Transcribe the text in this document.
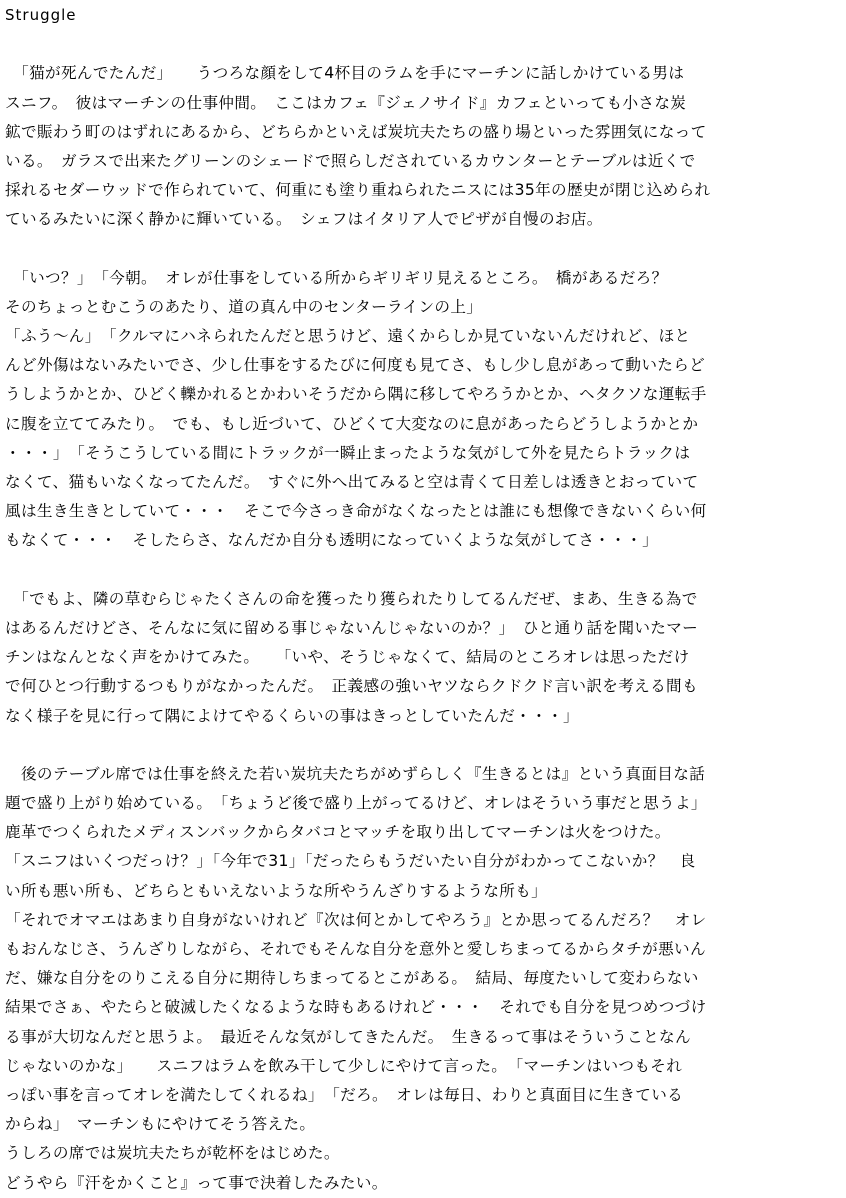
Struggle
　「猫が死んでたんだ」　　うつろな顔をして4杯目のラムを手にマーチンに話しかけている男は
スニフ。　彼はマーチンの仕事仲間。　ここはカフェ『ジェノサイド』カフェといっても小さな炭
鉱で賑わう町のはずれにあるから、どちらかといえば炭坑夫たちの盛り場といった雰囲気になって
いる。　ガラスで出来たグリーンのシェードで照らしだされているカウンターとテーブルは近くで
採れるセダーウッドで作られていて、何重にも塗り重ねられたニスには35年の歴史が閉じ込められ
ているみたいに深く静かに輝いている。　シェフはイタリア人でピザが自慢のお店。
　「いつ？」　「今朝。　オレが仕事をしている所からギリギリ見えるところ。　橋があるだろ？
そのちょっとむこうのあたり、道の真ん中のセンターラインの上」
「ふう～ん」　「クルマにハネられたんだと思うけど、遠くからしか見ていないんだけれど、ほと
んど外傷はないみたいでさ、少し仕事をするたびに何度も見てさ、もし少し息があって動いたらど
うしようかとか、ひどく轢かれるとかわいそうだから隅に移してやろうかとか、ヘタクソな運転手
に腹を立ててみたり。　でも、もし近づいて、ひどくて大変なのに息があったらどうしようかとか
・・・」　「そうこうしている間にトラックが一瞬止まったような気がして外を見たらトラックは
なくて、猫もいなくなってたんだ。　すぐに外へ出てみると空は青くて日差しは透きとおっていて
風は生き生きとしていて・・・　そこで今さっき命がなくなったとは誰にも想像できないくらい何
もなくて・・・　そしたらさ、なんだか自分も透明になっていくような気がしてさ・・・」
　「でもよ、隣の草むらじゃたくさんの命を獲ったり獲られたりしてるんだぜ、まあ、生きる為で
はあるんだけどさ、そんなに気に留める事じゃないんじゃないのか？」　ひと通り話を聞いたマー
チンはなんとなく声をかけてみた。　　「いや、そうじゃなくて、結局のところオレは思っただけ
で何ひとつ行動するつもりがなかったんだ。　正義感の強いヤツならクドクド言い訳を考える間も
なく様子を見に行って隅によけてやるくらいの事はきっとしていたんだ・・・」
　後のテーブル席では仕事を終えた若い炭坑夫たちがめずらしく『生きるとは』という真面目な話
題で盛り上がり始めている。　「ちょうど後で盛り上がってるけど、オレはそういう事だと思うよ」
鹿革でつくられたメディスンバックからタバコとマッチを取り出してマーチンは火をつけた。
「スニフはいくつだっけ？」「今年で31」「だったらもうだいたい自分がわかってこないか？　良
い所も悪い所も、どちらともいえないような所やうんざりするような所も」
「それでオマエはあまり自身がないけれど『次は何とかしてやろう』とか思ってるんだろ？　オレ
もおんなじさ、うんざりしながら、それでもそんな自分を意外と愛しちまってるからタチが悪いん
だ、嫌な自分をのりこえる自分に期待しちまってるとこがある。　結局、毎度たいして変わらない
結果でさぁ、やたらと破滅したくなるような時もあるけれど・・・　それでも自分を見つめつづけ
る事が大切なんだと思うよ。　最近そんな気がしてきたんだ。　生きるって事はそういうことなん
じゃないのかな」　　スニフはラムを飲み干して少しにやけて言った。　「マーチンはいつもそれ
っぽい事を言ってオレを満たしてくれるね」　「だろ。　オレは毎日、わりと真面目に生きている
からね」　マーチンもにやけてそう答えた。
うしろの席では炭坑夫たちが乾杯をはじめた。
どうやら『汗をかくこと』って事で決着したみたい。
